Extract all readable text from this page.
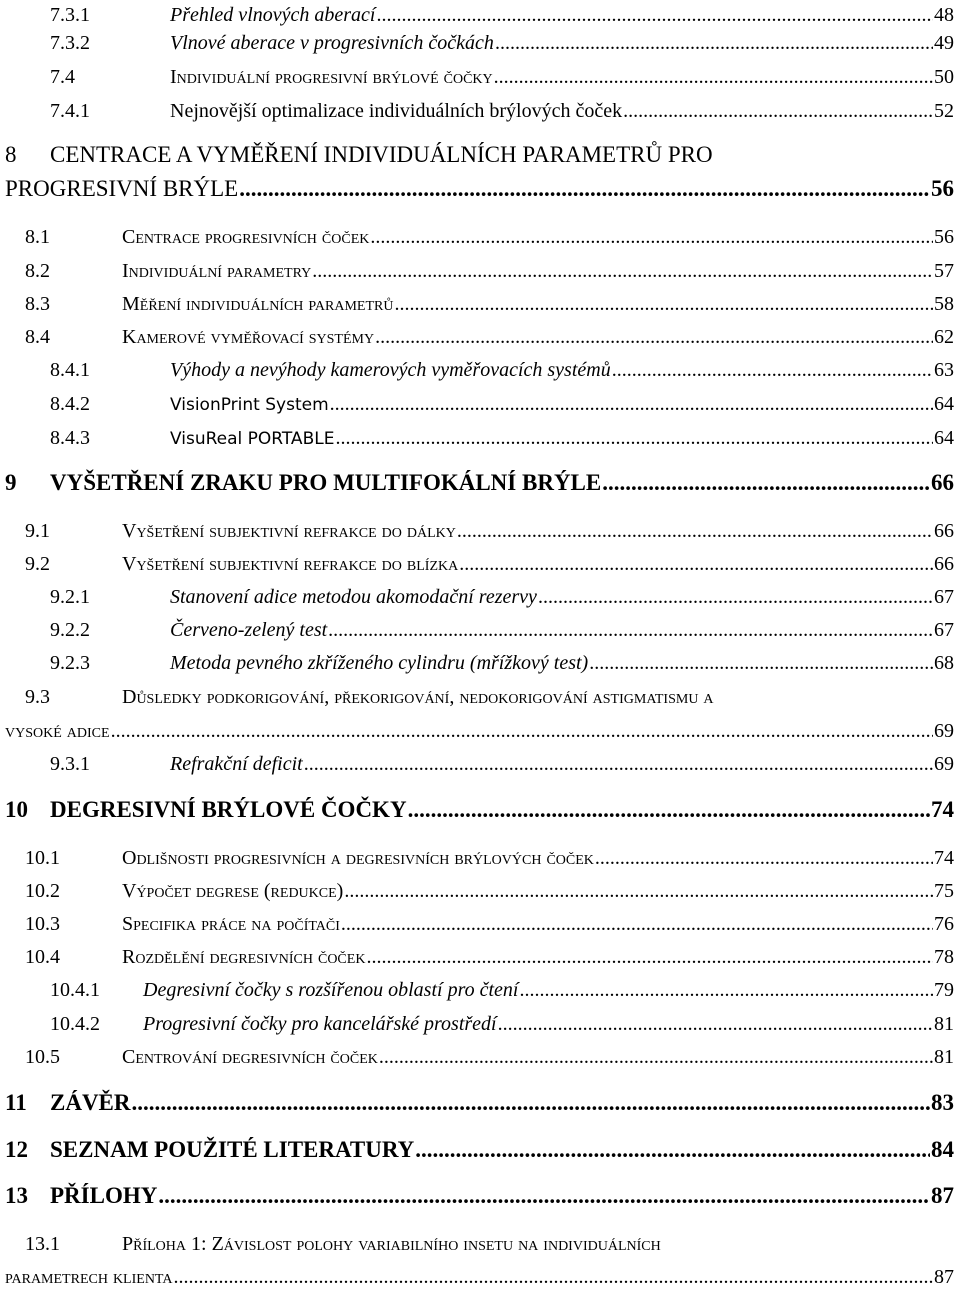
7.3.1	Přehled vlnových aberací .....	48
7.3.2	Vlnové aberace v progresivních čočkách .....	49
7.4	Individuální progresivní brýlové čočky .....	50
7.4.1	Nejnovější optimalizace individuálních brýlových čoček .....	52
8 CENTRACE A VYMĚŘENÍ INDIVIDUÁLNÍCH PARAMETRŮ PRO
PROGRESIVNÍ BRÝLE .....	56
8.1	Centrace progresivních čoček .....	56
8.2	Individuální parametry .....	57
8.3	Měření individuálních parametrů .....	58
8.4	Kamerové vyměřovací systémy .....	62
8.4.1	Výhody a nevýhody kamerových vyměřovacích systémů .....	63
8.4.2	VisionPrint System .....	64
8.4.3	VisuReal PORTABLE .....	64
9	VYŠETŘENÍ ZRAKU PRO MULTIFOKÁLNÍ BRÝLE .....	66
9.1	Vyšetření subjektivní refrakce do dálky .....	66
9.2	Vyšetření subjektivní refrakce do blízka .....	66
9.2.1	Stanovení adice metodou akomodační rezervy .....	67
9.2.2	Červeno-zelený test .....	67
9.2.3	Metoda pevného zkříženého cylindru (mřížkový test) .....	68
9.3	Důsledky podkorigování, překorigování, nedokorigování astigmatismu a
vysoké adice .....	69
9.3.1	Refrakční deficit .....	69
10 DEGRESIVNÍ BRÝLOVÉ ČOČKY .....	74
10.1	Odlišnosti progresivních a degresivních brýlových čoček .....	74
10.2	Výpočet degrese (redukce) .....	75
10.3	Specifika práce na počítači .....	76
10.4	Rozdělění degresivních čoček .....	78
10.4.1	Degresivní čočky s rozšířenou oblastí pro čtení .....	79
10.4.2	Progresivní čočky pro kancelářské prostředí .....	81
10.5	Centrování degresivních čoček .....	81
11	ZÁVĚR .....	83
12 SEZNAM POUŽITÉ LITERATURY .....	84
13 PŘÍLOHY .....	87
13.1	Příloha 1: Závislost polohy variabilního insetu na individuálních
parametrech klienta .....	87
